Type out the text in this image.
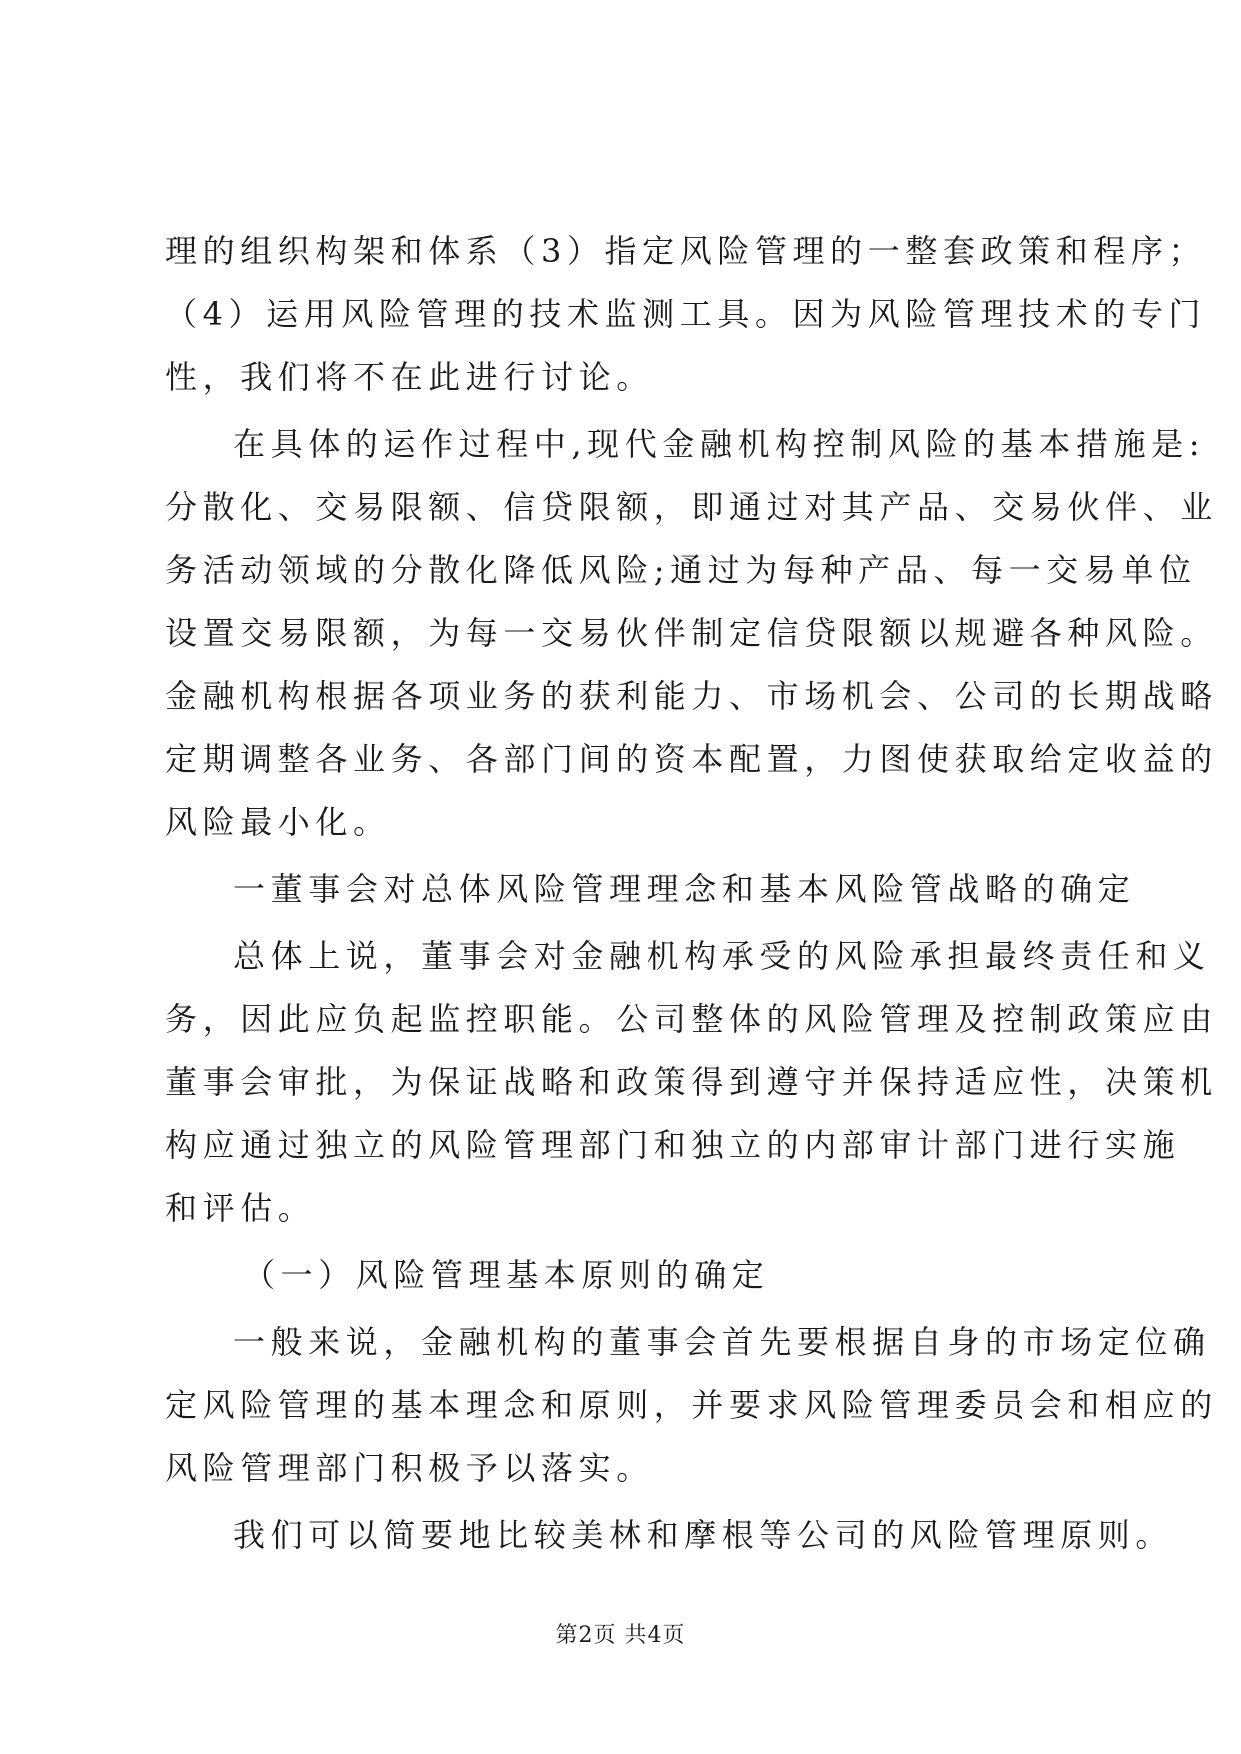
理的组织构架和体系（3）指定风险管理的一整套政策和程序；
（4）运用风险管理的技术监测工具。因为风险管理技术的专门
性，我们将不在此进行讨论。
在具体的运作过程中,现代金融机构控制风险的基本措施是:
分散化、交易限额、信贷限额，即通过对其产品、交易伙伴、业
务活动领域的分散化降低风险;通过为每种产品、每一交易单位
设置交易限额，为每一交易伙伴制定信贷限额以规避各种风险。
金融机构根据各项业务的获利能力、市场机会、公司的长期战略
定期调整各业务、各部门间的资本配置，力图使获取给定收益的
风险最小化。
一董事会对总体风险管理理念和基本风险管战略的确定
总体上说，董事会对金融机构承受的风险承担最终责任和义
务，因此应负起监控职能。公司整体的风险管理及控制政策应由
董事会审批，为保证战略和政策得到遵守并保持适应性，决策机
构应通过独立的风险管理部门和独立的内部审计部门进行实施
和评估。
（一）风险管理基本原则的确定
一般来说，金融机构的董事会首先要根据自身的市场定位确
定风险管理的基本理念和原则，并要求风险管理委员会和相应的
风险管理部门积极予以落实。
我们可以简要地比较美林和摩根等公司的风险管理原则。
第2页 共4页
